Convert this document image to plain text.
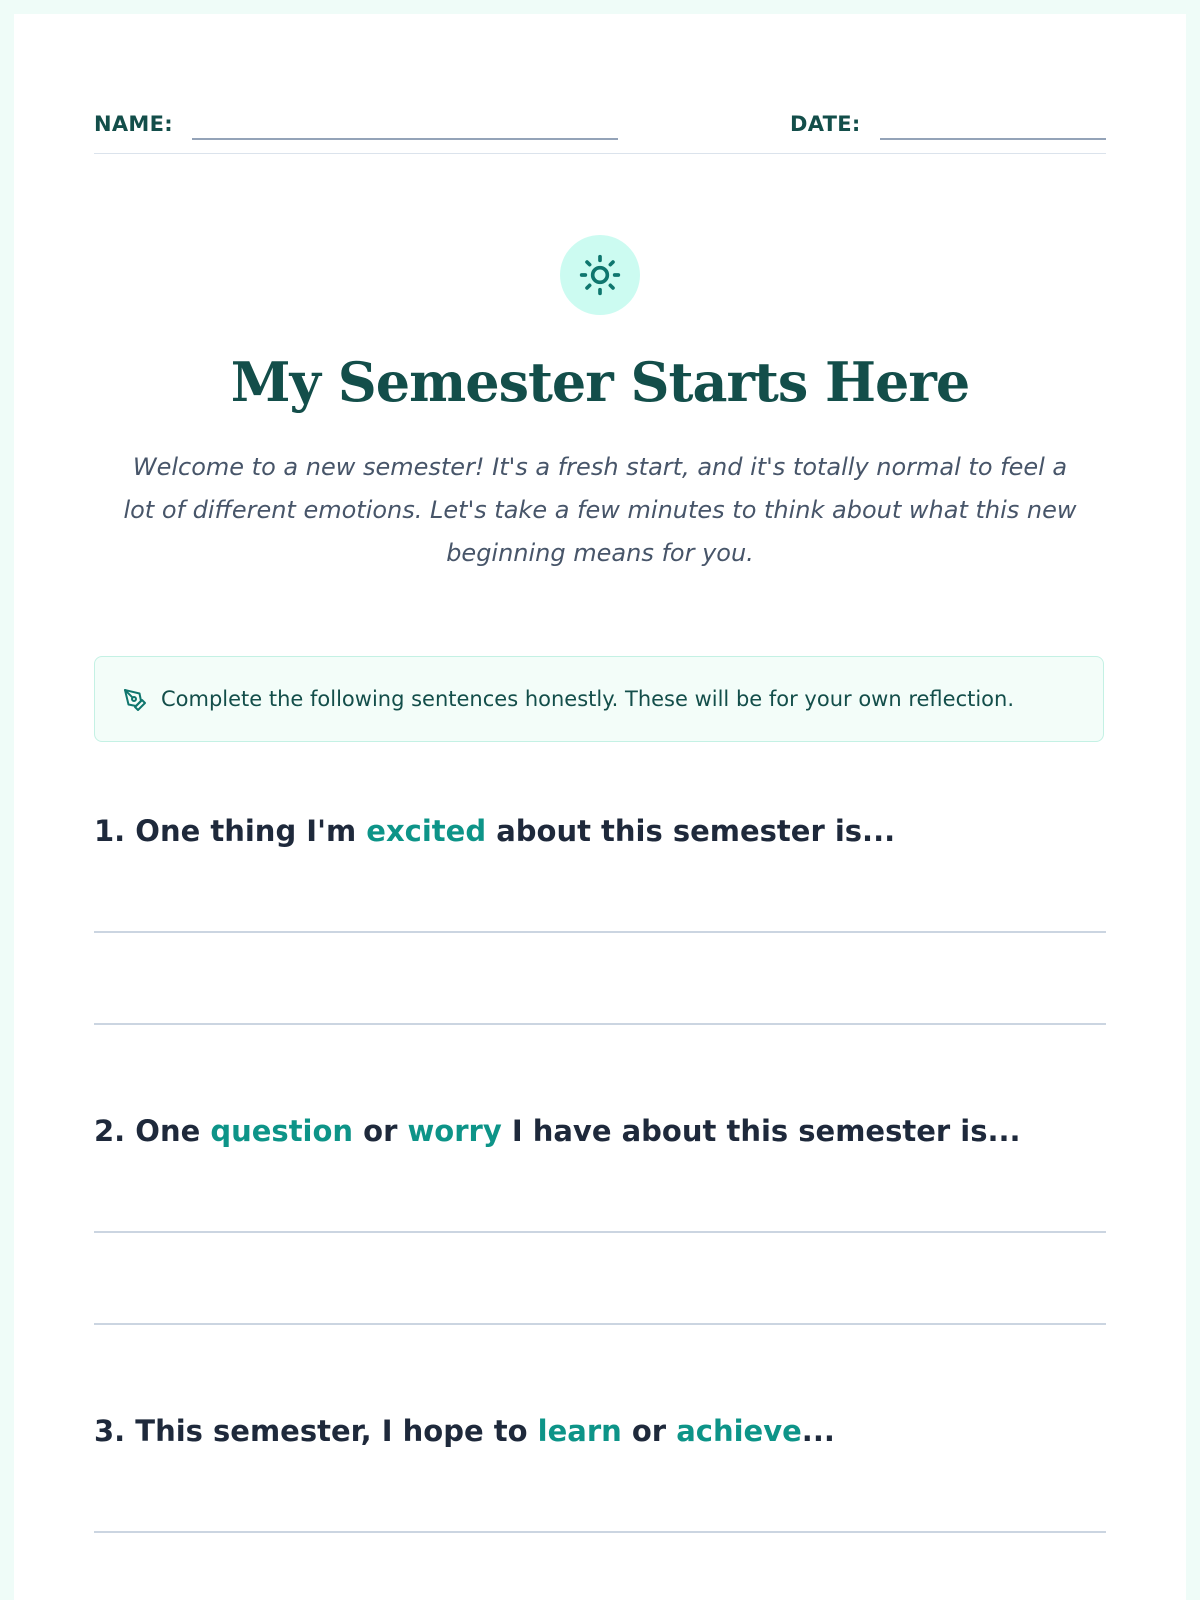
NAME:	DATE:
My Semester Starts Here

Welcome to a new semester! It's a fresh start, and it's totally normal to feel a lot of different emotions. Let's take a few minutes to think about what this new beginning means for you.

Complete the following sentences honestly. These will be for your own reflection.
1. One thing I'm excited about this semester is...
2. One question or worry I have about this semester is...
3. This semester, I hope to learn or achieve...
